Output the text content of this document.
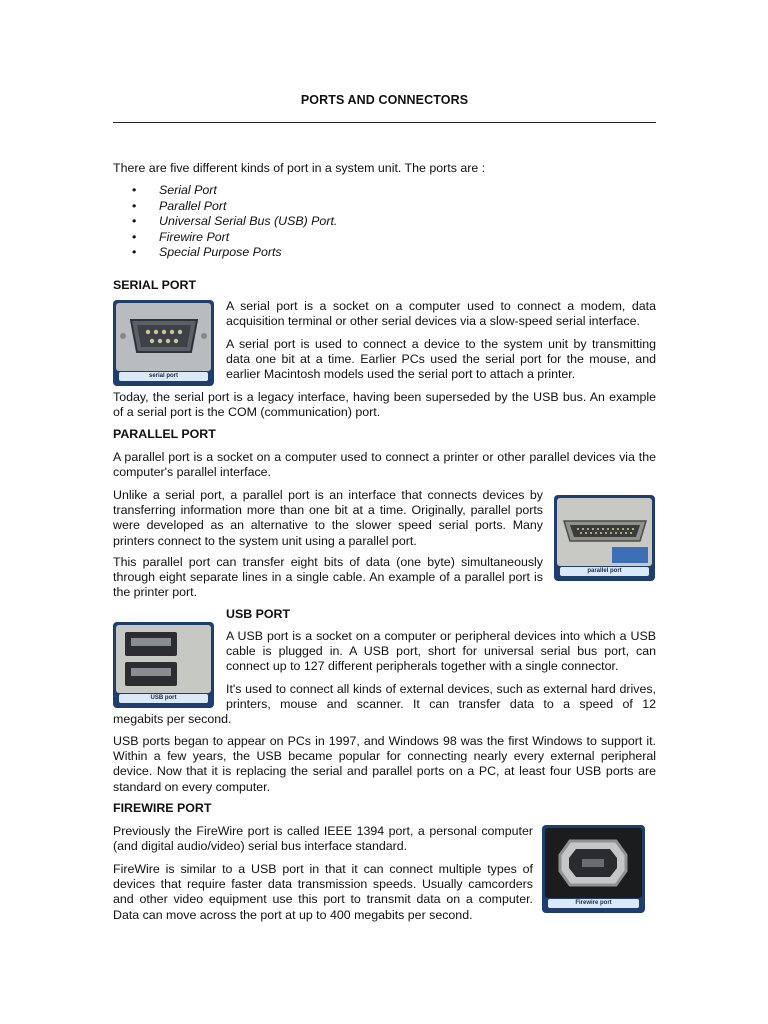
PORTS AND CONNECTORS

There are five different kinds of port in a system unit. The ports are :

• Serial Port
• Parallel Port
• Universal Serial Bus (USB) Port.
• Firewire Port
• Special Purpose Ports
SERIAL PORT
serial port

A serial port is a socket on a computer used to connect a modem, data acquisition terminal or other serial devices via a slow-speed serial interface.

A serial port is used to connect a device to the system unit by transmitting data one bit at a time. Earlier PCs used the serial port for the mouse, and earlier Macintosh models used the serial port to attach a printer.

Today, the serial port is a legacy interface, having been superseded by the USB bus. An example of a serial port is the COM (communication) port.

PARALLEL PORT

A parallel port is a socket on a computer used to connect a printer or other parallel devices via the computer's parallel interface.

Unlike a serial port, a parallel port is an interface that connects devices by transferring information more than one bit at a time. Originally, parallel ports were developed as an alternative to the slower speed serial ports. Many printers connect to the system unit using a parallel port.

parallel port

This parallel port can transfer eight bits of data (one byte) simultaneously through eight separate lines in a single cable. An example of a parallel port is the printer port.

USB PORT
USB port

A USB port is a socket on a computer or peripheral devices into which a USB cable is plugged in. A USB port, short for universal serial bus port, can connect up to 127 different peripherals together with a single connector.

It's used to connect all kinds of external devices, such as external hard drives, printers, mouse and scanner. It can transfer data to a speed of 12

megabits per second.

USB ports began to appear on PCs in 1997, and Windows 98 was the first Windows to support it. Within a few years, the USB became popular for connecting nearly every external peripheral device. Now that it is replacing the serial and parallel ports on a PC, at least four USB ports are standard on every computer.

FIREWIRE PORT

Previously the FireWire port is called IEEE 1394 port, a personal computer (and digital audio/video) serial bus interface standard.

FireWire is similar to a USB port in that it can connect multiple types of devices that require faster data transmission speeds. Usually camcorders and other video equipment use this port to transmit data on a computer. Data can move across the port at up to 400 megabits per second.

Firewire port
